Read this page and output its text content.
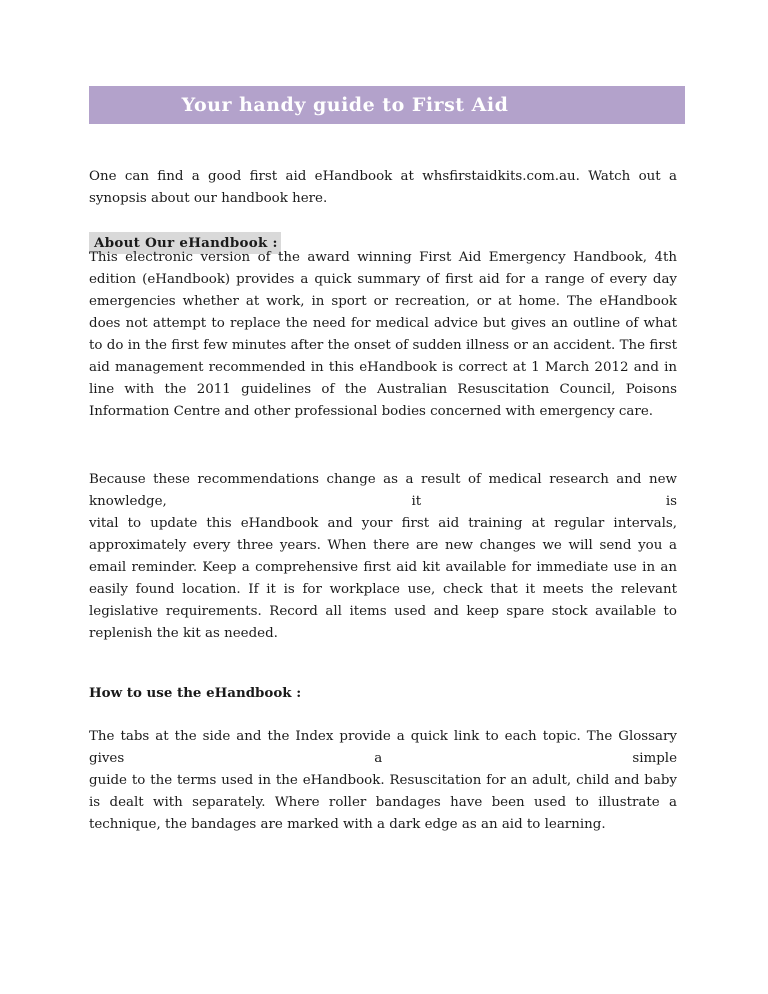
Your handy guide to First Aid

One can find a good first aid eHandbook at whsfirstaidkits.com.au. Watch out a synopsis about our handbook here.

About Our eHandbook :

This electronic version of the award winning First Aid Emergency Handbook, 4th edition (eHandbook) provides a quick summary of first aid for a range of every day emergencies whether at work, in sport or recreation, or at home. The eHandbook does not attempt to replace the need for medical advice but gives an outline of what to do in the first few minutes after the onset of sudden illness or an accident. The first aid management recommended in this eHandbook is correct at 1 March 2012 and in line with the 2011 guidelines of the Australian Resuscitation Council, Poisons Information Centre and other professional bodies concerned with emergency care.

Because these recommendations change as a result of medical research and new knowledge, it is

vital to update this eHandbook and your first aid training at regular intervals, approximately every three years. When there are new changes we will send you a email reminder. Keep a comprehensive first aid kit available for immediate use in an easily found location. If it is for workplace use, check that it meets the relevant legislative requirements. Record all items used and keep spare stock available to replenish the kit as needed.

How to use the eHandbook :

The tabs at the side and the Index provide a quick link to each topic. The Glossary gives a simple

guide to the terms used in the eHandbook. Resuscitation for an adult, child and baby is dealt with separately. Where roller bandages have been used to illustrate a technique, the bandages are marked with a dark edge as an aid to learning.
